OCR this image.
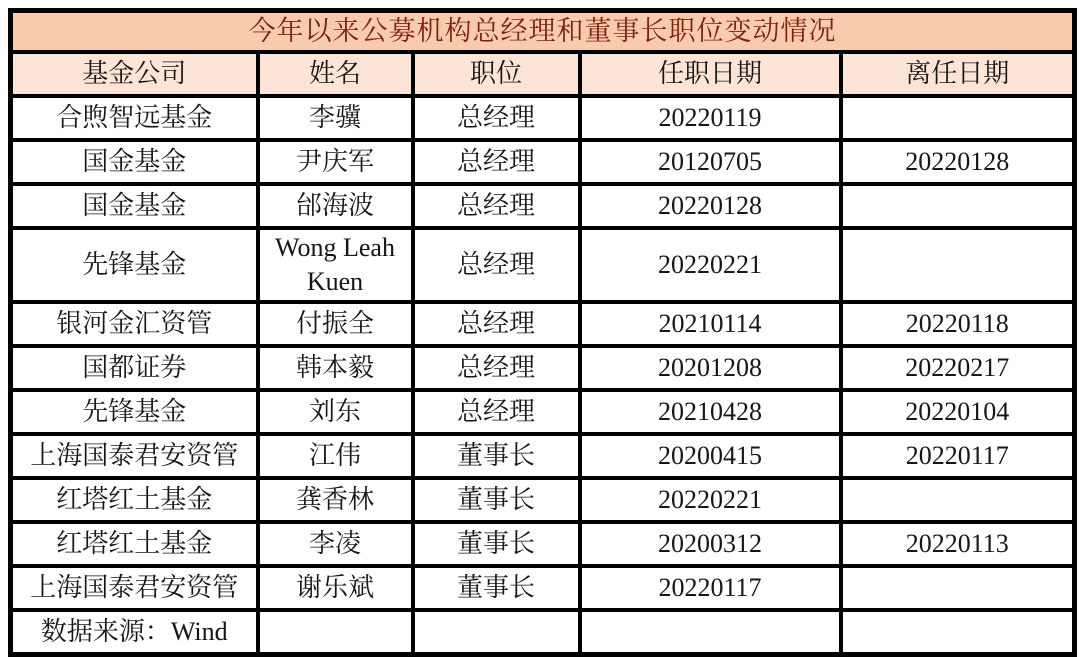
今年以来公募机构总经理和董事长职位变动情况				
基金公司	姓名	职位	任职日期	离任日期
合煦智远基金	李骥	总经理	20220119	
国金基金	尹庆军	总经理	20120705	20220128
国金基金	邰海波	总经理	20220128	
先锋基金	Wong Leah Kuen	总经理	20220221	
银河金汇资管	付振全	总经理	20210114	20220118
国都证券	韩本毅	总经理	20201208	20220217
先锋基金	刘东	总经理	20210428	20220104
上海国泰君安资管	江伟	董事长	20200415	20220117
红塔红土基金	龚香林	董事长	20220221	
红塔红土基金	李凌	董事长	20200312	20220113
上海国泰君安资管	谢乐斌	董事长	20220117	
数据来源：Wind				
